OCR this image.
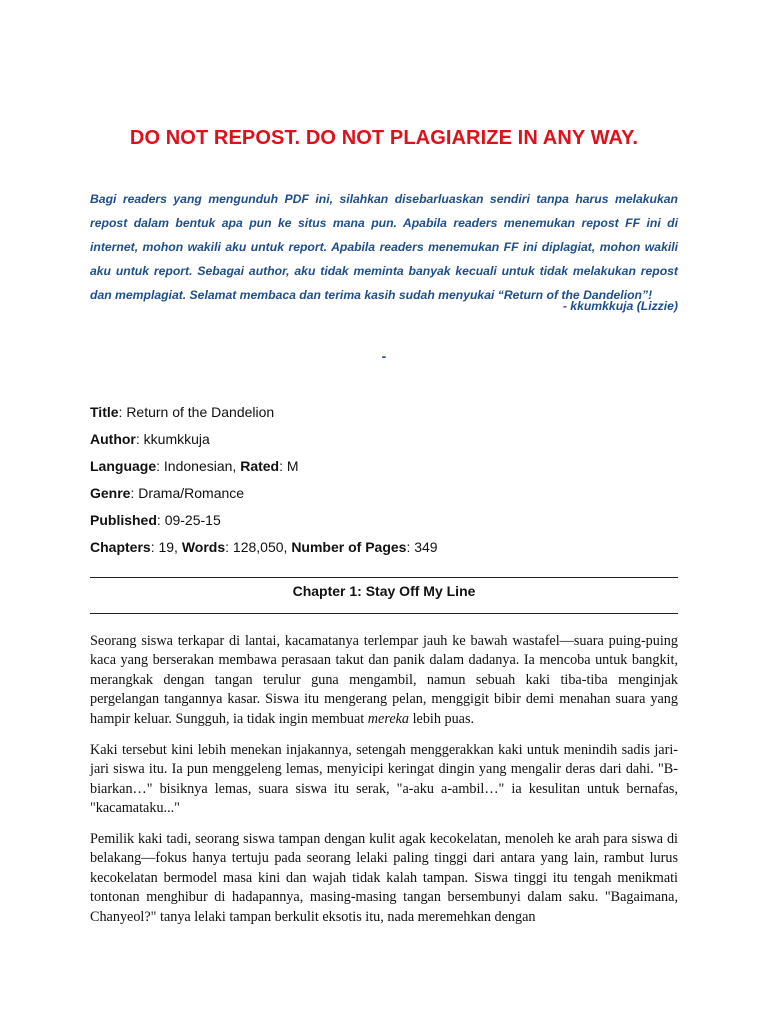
DO NOT REPOST. DO NOT PLAGIARIZE IN ANY WAY.
Bagi readers yang mengunduh PDF ini, silahkan disebarluaskan sendiri tanpa harus melakukan repost dalam bentuk apa pun ke situs mana pun. Apabila readers menemukan repost FF ini di internet, mohon wakili aku untuk report. Apabila readers menemukan FF ini diplagiat, mohon wakili aku untuk report. Sebagai author, aku tidak meminta banyak kecuali untuk tidak melakukan repost dan memplagiat. Selamat membaca dan terima kasih sudah menyukai “Return of the Dandelion”!
- kkumkkuja (Lizzie)
-
Title: Return of the Dandelion
Author: kkumkkuja
Language: Indonesian, Rated: M
Genre: Drama/Romance
Published: 09-25-15
Chapters: 19, Words: 128,050, Number of Pages: 349
Chapter 1: Stay Off My Line
Seorang siswa terkapar di lantai, kacamatanya terlempar jauh ke bawah wastafel—suara puing-puing kaca yang berserakan membawa perasaan takut dan panik dalam dadanya. Ia mencoba untuk bangkit, merangkak dengan tangan terulur guna mengambil, namun sebuah kaki tiba-tiba menginjak pergelangan tangannya kasar. Siswa itu mengerang pelan, menggigit bibir demi menahan suara yang hampir keluar. Sungguh, ia tidak ingin membuat mereka lebih puas.
Kaki tersebut kini lebih menekan injakannya, setengah menggerakkan kaki untuk menindih sadis jari-jari siswa itu. Ia pun menggeleng lemas, menyicipi keringat dingin yang mengalir deras dari dahi. "B-biarkan…" bisiknya lemas, suara siswa itu serak, "a-aku a-ambil…" ia kesulitan untuk bernafas, "kacamataku..."
Pemilik kaki tadi, seorang siswa tampan dengan kulit agak kecokelatan, menoleh ke arah para siswa di belakang—fokus hanya tertuju pada seorang lelaki paling tinggi dari antara yang lain, rambut lurus kecokelatan bermodel masa kini dan wajah tidak kalah tampan. Siswa tinggi itu tengah menikmati tontonan menghibur di hadapannya, masing-masing tangan bersembunyi dalam saku. "Bagaimana, Chanyeol?" tanya lelaki tampan berkulit eksotis itu, nada meremehkan dengan
